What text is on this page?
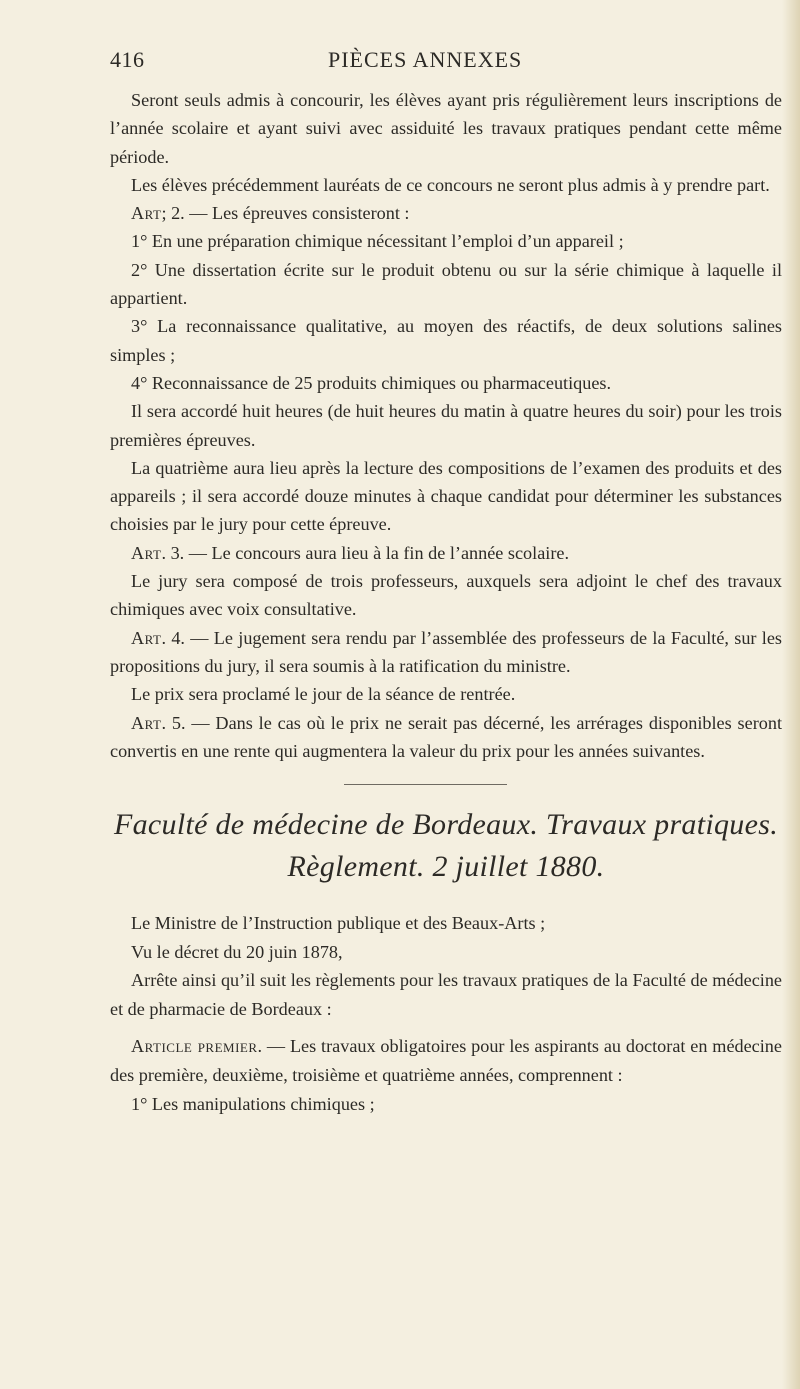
416	PIÈCES ANNEXES

Seront seuls admis à concourir, les élèves ayant pris régulièrement leurs inscriptions de l’année scolaire et ayant suivi avec assiduité les travaux pratiques pendant cette même période.

Les élèves précédemment lauréats de ce concours ne seront plus admis à y prendre part.

Art; 2. — Les épreuves consisteront :

1° En une préparation chimique nécessitant l’emploi d’un appareil ;

2° Une dissertation écrite sur le produit obtenu ou sur la série chimique à laquelle il appartient.

3° La reconnaissance qualitative, au moyen des réactifs, de deux solutions salines simples ;

4° Reconnaissance de 25 produits chimiques ou pharmaceutiques.

Il sera accordé huit heures (de huit heures du matin à quatre heures du soir) pour les trois premières épreuves.

La quatrième aura lieu après la lecture des compositions de l’examen des produits et des appareils ; il sera accordé douze minutes à chaque candidat pour déterminer les substances choisies par le jury pour cette épreuve.

Art. 3. — Le concours aura lieu à la fin de l’année scolaire.

Le jury sera composé de trois professeurs, auxquels sera adjoint le chef des travaux chimiques avec voix consultative.

Art. 4. — Le jugement sera rendu par l’assemblée des professeurs de la Faculté, sur les propositions du jury, il sera soumis à la ratification du ministre.

Le prix sera proclamé le jour de la séance de rentrée.

Art. 5. — Dans le cas où le prix ne serait pas décerné, les arrérages disponibles seront convertis en une rente qui augmentera la valeur du prix pour les années suivantes.

Faculté de médecine de Bordeaux. Travaux pratiques.
Règlement. 2 juillet 1880.

Le Ministre de l’Instruction publique et des Beaux-Arts ;

Vu le décret du 20 juin 1878,

Arrête ainsi qu’il suit les règlements pour les travaux pratiques de la Faculté de médecine et de pharmacie de Bordeaux :

Article premier. — Les travaux obligatoires pour les aspirants au doctorat en médecine des première, deuxième, troisième et quatrième années, comprennent :

1° Les manipulations chimiques ;
